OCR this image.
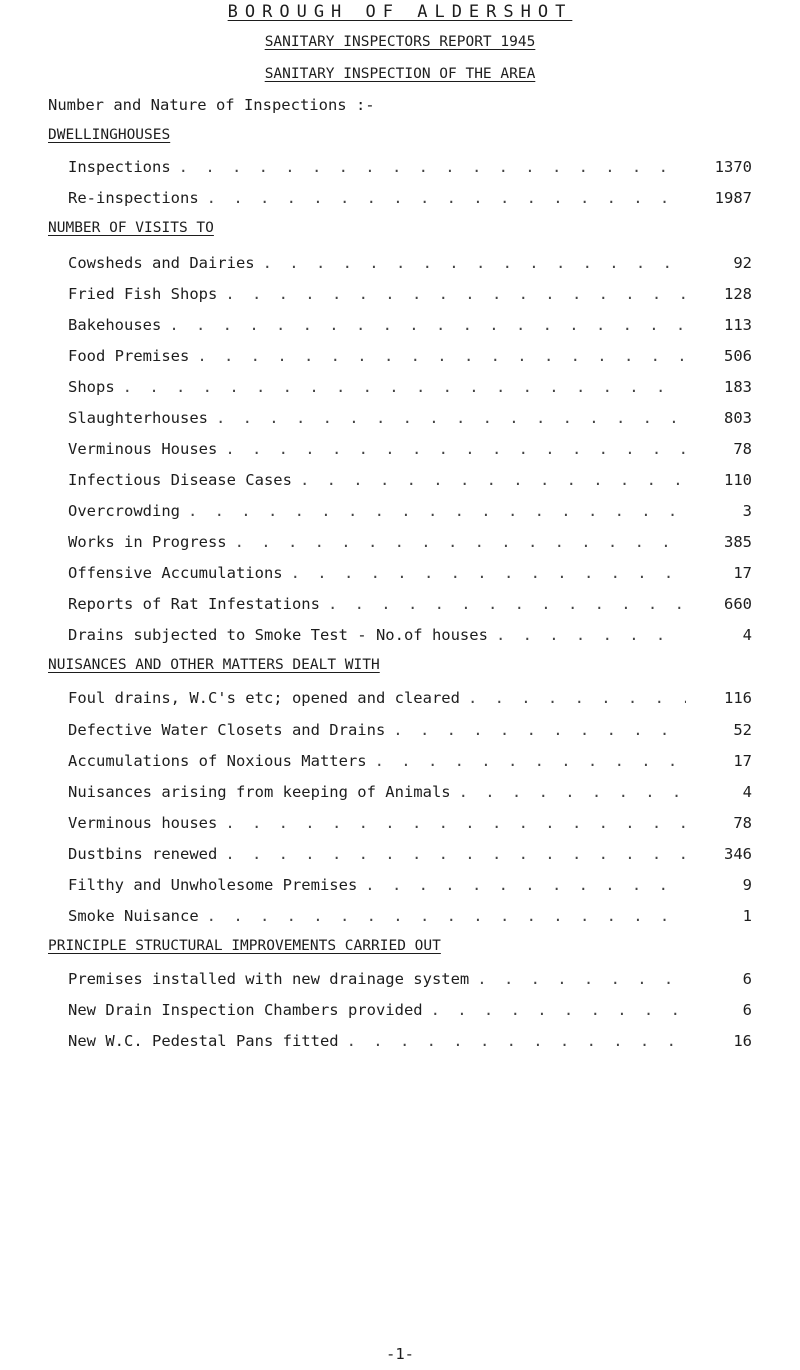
BOROUGH OF ALDERSHOT
SANITARY INSPECTORS REPORT 1945
SANITARY INSPECTION OF THE AREA
Number and Nature of Inspections :-
DWELLINGHOUSES
Inspections . . .	1370
Re-inspections . . .	1987
NUMBER OF VISITS TO
Cowsheds and Dairies . . .	92
Fried Fish Shops . . .	128
Bakehouses . . .	113
Food Premises . . .	506
Shops . . .	183
Slaughterhouses . . .	803
Verminous Houses . . .	78
Infectious Disease Cases . . .	110
Overcrowding . . .	3
Works in Progress . . .	385
Offensive Accumulations . . .	17
Reports of Rat Infestations . . .	660
Drains subjected to Smoke Test - No.of houses . . .	4
NUISANCES AND OTHER MATTERS DEALT WITH
Foul drains, W.C's etc; opened and cleared . . .	116
Defective Water Closets and Drains . . .	52
Accumulations of Noxious Matters . . .	17
Nuisances arising from keeping of Animals . . .	4
Verminous houses . . .	78
Dustbins renewed . . .	346
Filthy and Unwholesome Premises . . .	9
Smoke Nuisance . . .	1
PRINCIPLE STRUCTURAL IMPROVEMENTS CARRIED OUT
Premises installed with new drainage system . . .	6
New Drain Inspection Chambers provided . . .	6
New W.C. Pedestal Pans fitted . . .	16
-1-
